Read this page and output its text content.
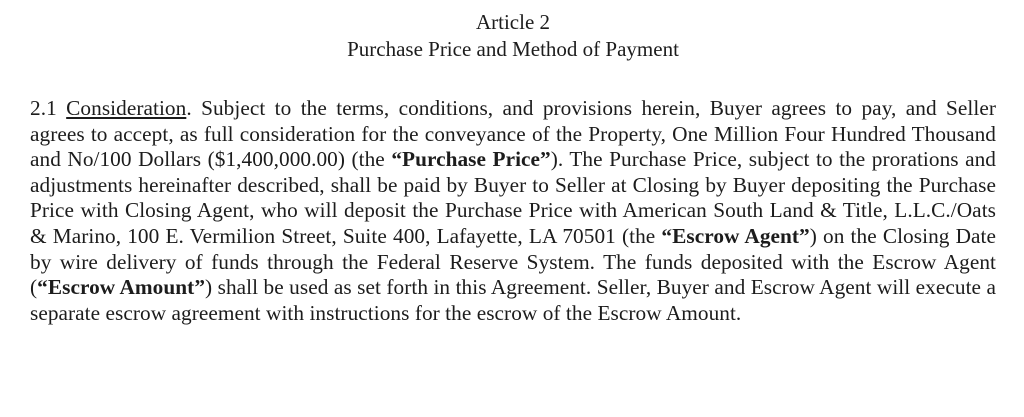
Article 2
Purchase Price and Method of Payment

2.1 Consideration. Subject to the terms, conditions, and provisions herein, Buyer agrees to pay, and Seller agrees to accept, as full consideration for the conveyance of the Property, One Million Four Hundred Thousand and No/100 Dollars ($1,400,000.00) (the “Purchase Price”). The Purchase Price, subject to the prorations and adjustments hereinafter described, shall be paid by Buyer to Seller at Closing by Buyer depositing the Purchase Price with Closing Agent, who will deposit the Purchase Price with American South Land & Title, L.L.C./Oats & Marino, 100 E. Vermilion Street, Suite 400, Lafayette, LA 70501 (the “Escrow Agent”) on the Closing Date by wire delivery of funds through the Federal Reserve System. The funds deposited with the Escrow Agent (“Escrow Amount”) shall be used as set forth in this Agreement. Seller, Buyer and Escrow Agent will execute a separate escrow agreement with instructions for the escrow of the Escrow Amount.
